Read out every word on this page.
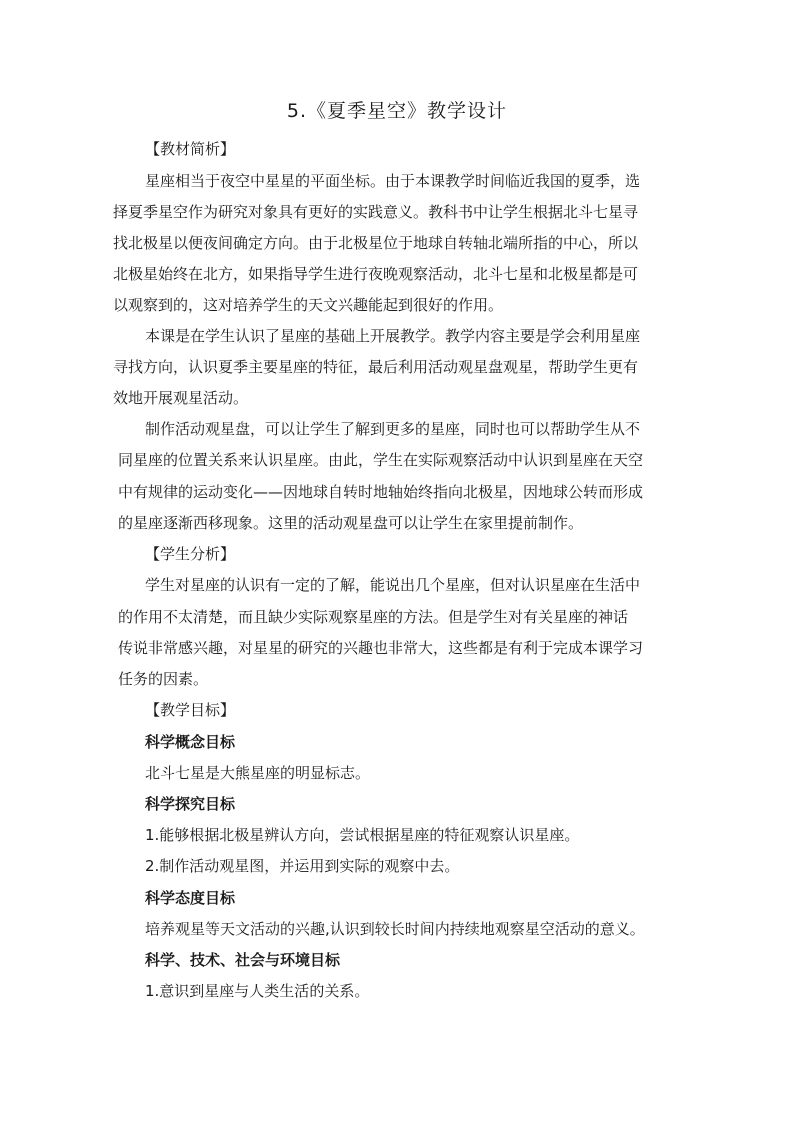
5.《夏季星空》教学设计

【教材简析】

星座相当于夜空中星星的平面坐标。由于本课教学时间临近我国的夏季，选

择夏季星空作为研究对象具有更好的实践意义。教科书中让学生根据北斗七星寻

找北极星以便夜间确定方向。由于北极星位于地球自转轴北端所指的中心，所以

北极星始终在北方，如果指导学生进行夜晚观察活动，北斗七星和北极星都是可

以观察到的，这对培养学生的天文兴趣能起到很好的作用。

本课是在学生认识了星座的基础上开展教学。教学内容主要是学会利用星座

寻找方向，认识夏季主要星座的特征，最后利用活动观星盘观星，帮助学生更有

效地开展观星活动。

制作活动观星盘，可以让学生了解到更多的星座，同时也可以帮助学生从不

同星座的位置关系来认识星座。由此，学生在实际观察活动中认识到星座在天空

中有规律的运动变化——因地球自转时地轴始终指向北极星，因地球公转而形成

的星座逐渐西移现象。这里的活动观星盘可以让学生在家里提前制作。

【学生分析】

学生对星座的认识有一定的了解，能说出几个星座，但对认识星座在生活中

的作用不太清楚，而且缺少实际观察星座的方法。但是学生对有关星座的神话

传说非常感兴趣，对星星的研究的兴趣也非常大，这些都是有利于完成本课学习

任务的因素。

【教学目标】

科学概念目标

北斗七星是大熊星座的明显标志。

科学探究目标

1.能够根据北极星辨认方向，尝试根据星座的特征观察认识星座。

2.制作活动观星图，并运用到实际的观察中去。

科学态度目标

培养观星等天文活动的兴趣,认识到较长时间内持续地观察星空活动的意义。

科学、技术、社会与环境目标

1.意识到星座与人类生活的关系。
